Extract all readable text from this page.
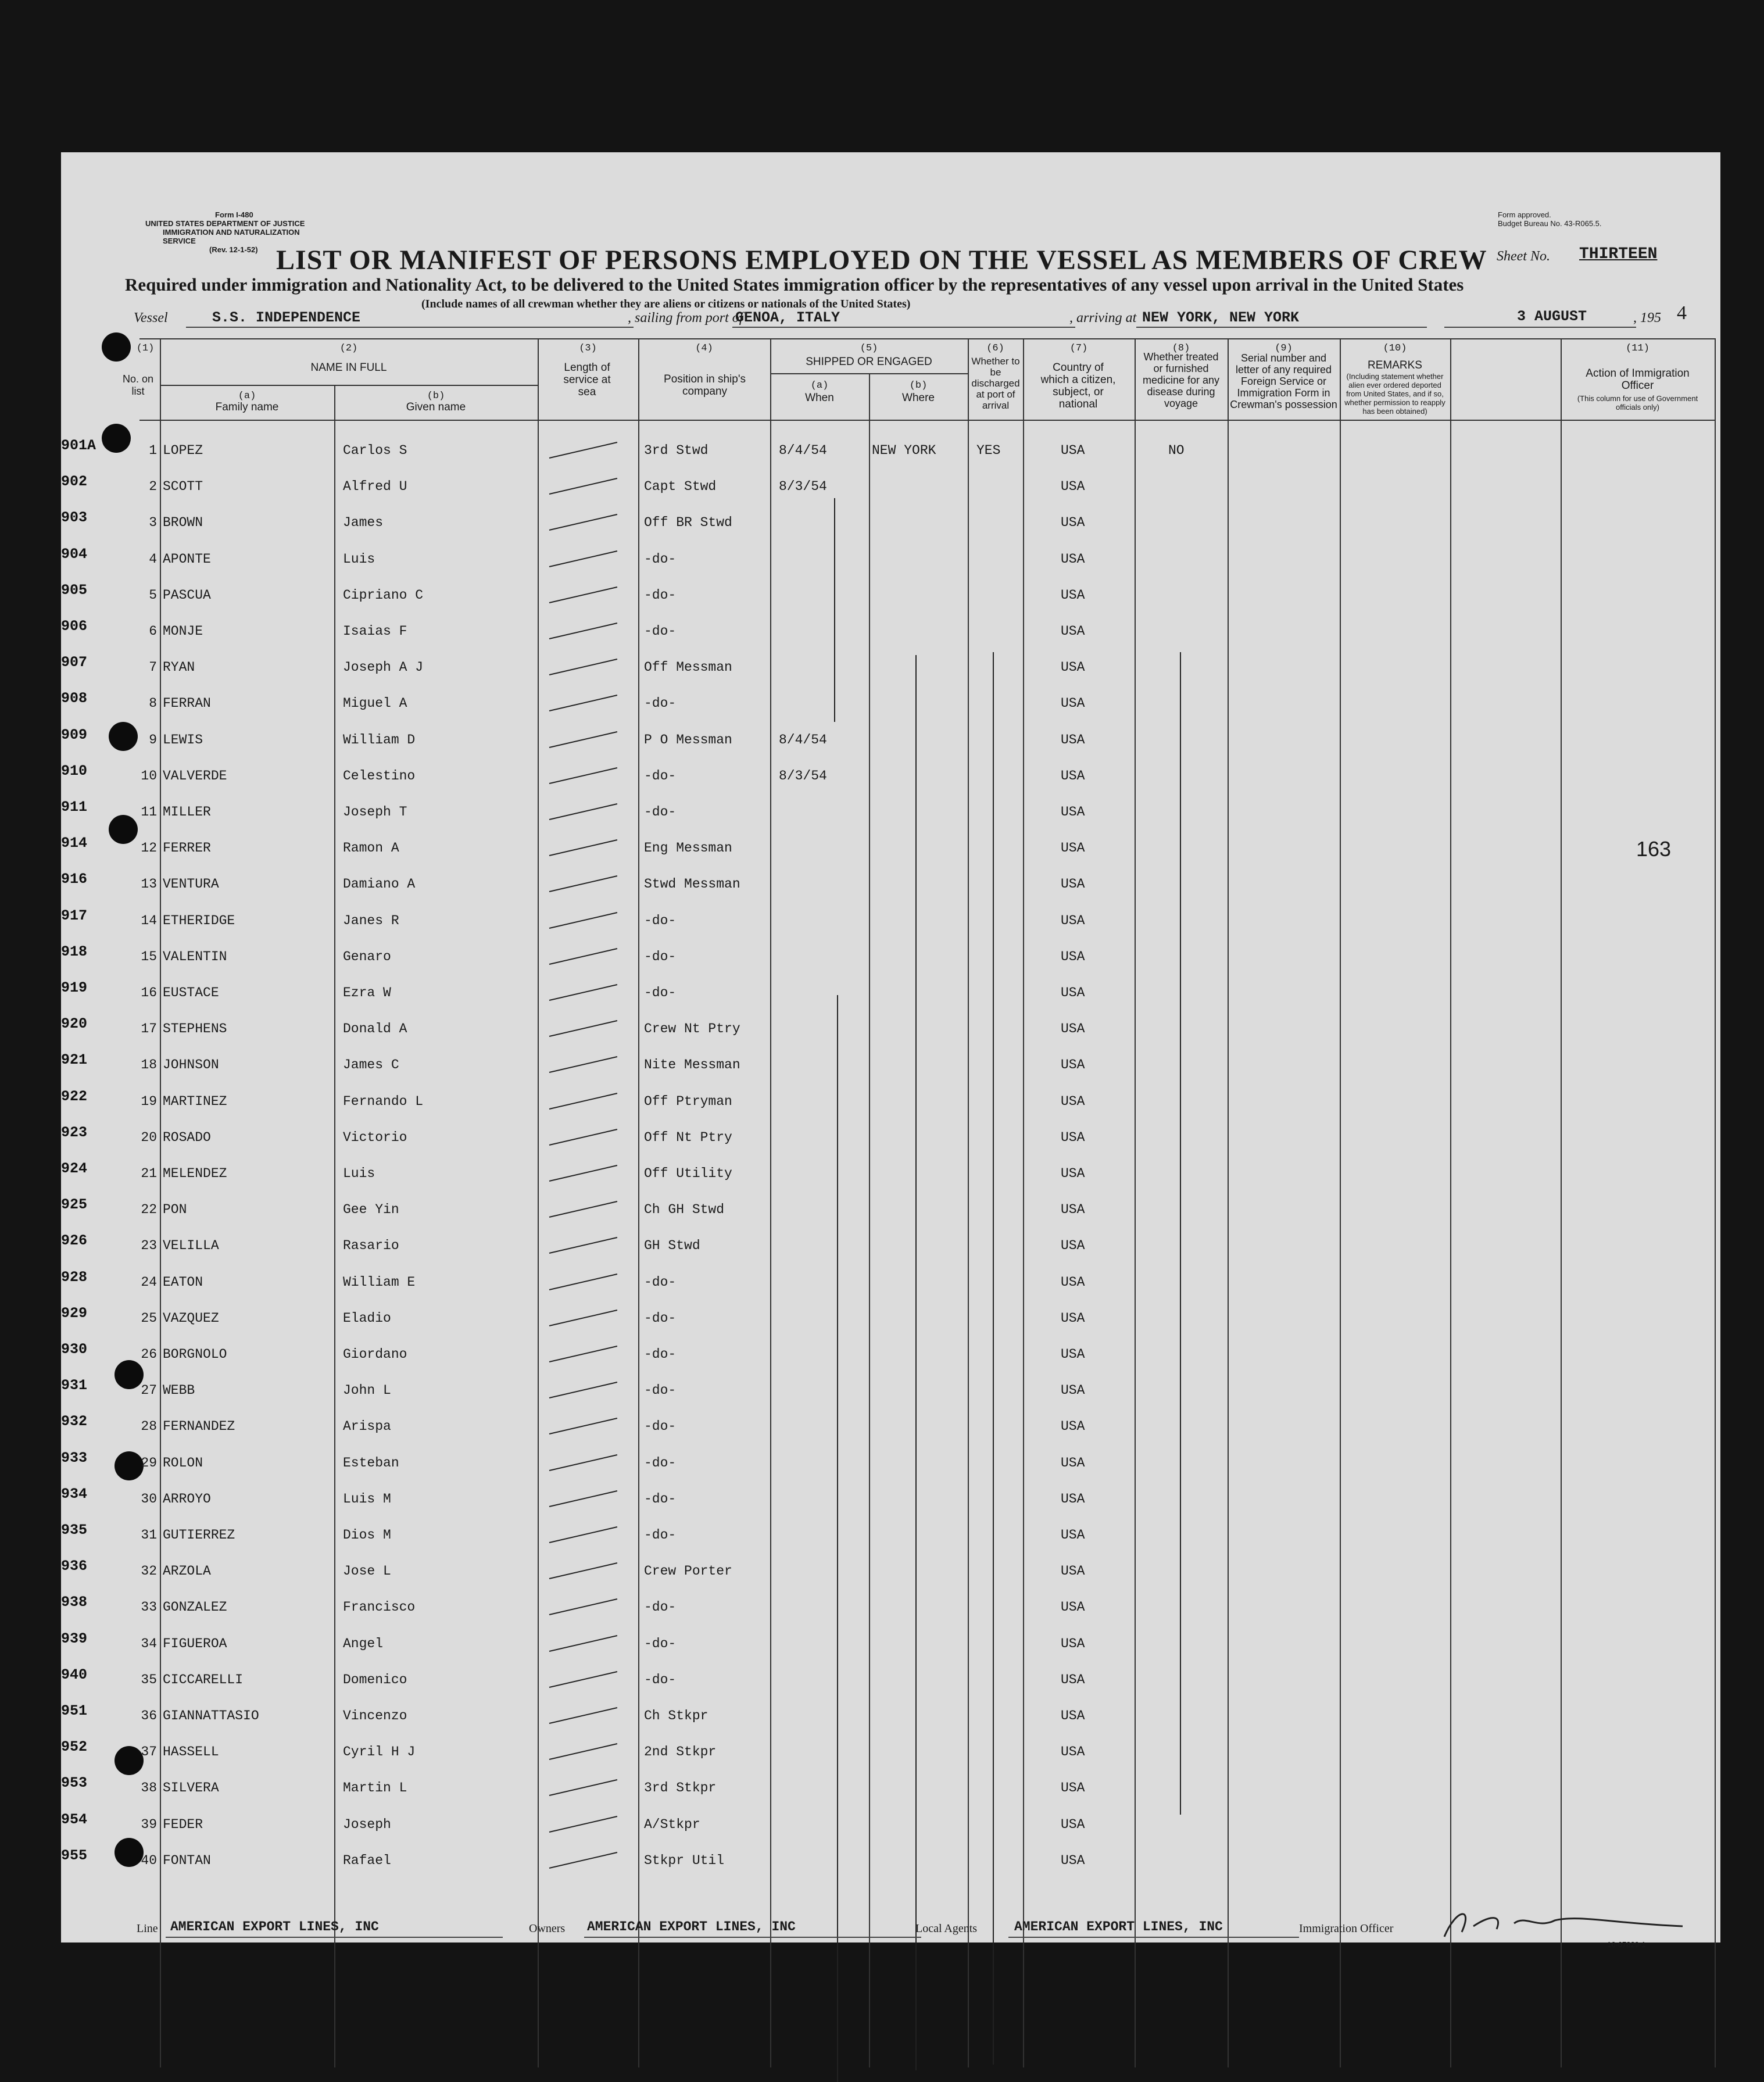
Form I-480
UNITED STATES DEPARTMENT OF JUSTICE
IMMIGRATION AND NATURALIZATION SERVICE
(Rev. 12-1-52)
Form approved.
Budget Bureau No. 43-R065.5.
LIST OR MANIFEST OF PERSONS EMPLOYED ON THE VESSEL AS MEMBERS OF CREW Sheet No. THIRTEEN
Required under immigration and Nationality Act, to be delivered to the United States immigration officer by the representatives of any vessel upon arrival in the United States
(Include names of all crewman whether they are aliens or citizens or nationals of the United States)
Vessel	S.S. INDEPENDENCE	, sailing from port of
GENOA, ITALY	, arriving at NEW YORK, NEW YORK	3 AUGUST	, 195 4
(1)
No. on list
(2)
NAME IN FULL
(a)
Family name
(b)
Given name
(3)
Length of service at sea
(4)
Position in ship's company
(5)
SHIPPED OR ENGAGED
(a)
When
(b)
Where
(6)
Whether to be discharged at port of arrival
(7)
Country of which a citizen, subject, or national
(8)
Whether treated or furnished medicine for any disease during voyage
(9)
Serial number and letter of any required Foreign Service or Immigration Form in Crewman's possession
(10)
REMARKS
(Including statement whether alien ever ordered deported from United States, and if so, whether permission to reapply has been obtained)
(11)
Action of Immigration Officer
(This column for use of Government officials only)
901A	1 LOPEZ	Carlos S	3rd Stwd	8/4/54	NEW YORK	YES	USA	NO
902	2 SCOTT	Alfred U	Capt Stwd	8/3/54	USA
903	3 BROWN	James	Off BR Stwd	USA
904	4 APONTE	Luis	-do-	USA
905	5 PASCUA	Cipriano C	-do-	USA
906	6 MONJE	Isaias F	-do-	USA
907	7 RYAN	Joseph A J	Off Messman	USA
908	8 FERRAN	Miguel A	-do-	USA
909	9 LEWIS	William D	P O Messman	8/4/54	USA
910	10 VALVERDE	Celestino	-do-	8/3/54	USA
911	11 MILLER	Joseph T	-do-	USA
914	12 FERRER	Ramon A	Eng Messman	USA
916	13 VENTURA	Damiano A	Stwd Messman	USA
917	14 ETHERIDGE	Janes R	-do-	USA
918	15 VALENTIN	Genaro	-do-	USA
919	16 EUSTACE	Ezra W	-do-	USA
920	17 STEPHENS	Donald A	Crew Nt Ptry	USA
921	18 JOHNSON	James C	Nite Messman	USA
922	19 MARTINEZ	Fernando L	Off Ptryman	USA
923	20 ROSADO	Victorio	Off Nt Ptry	USA
924	21 MELENDEZ	Luis	Off Utility	USA
925	22 PON	Gee Yin	Ch GH Stwd	USA
926	23 VELILLA	Rasario	GH Stwd	USA
928	24 EATON	William E	-do-	USA
929	25 VAZQUEZ	Eladio	-do-	USA
930	26 BORGNOLO	Giordano	-do-	USA
931	27 WEBB	John L	-do-	USA
932	28 FERNANDEZ	Arispa	-do-	USA
933	29 ROLON	Esteban	-do-	USA
934	30 ARROYO	Luis M	-do-	USA
935	31 GUTIERREZ	Dios M	-do-	USA
936	32 ARZOLA	Jose L	Crew Porter	USA
938	33 GONZALEZ	Francisco	-do-	USA
939	34 FIGUEROA	Angel	-do-	USA
940	35 CICCARELLI	Domenico	-do-	USA
951	36 GIANNATTASIO	Vincenzo	Ch Stkpr	USA
952	37 HASSELL	Cyril H J	2nd Stkpr	USA
953	38 SILVERA	Martin L	3rd Stkpr	USA
954	39 FEDER	Joseph	A/Stkpr	USA
955	40 FONTAN	Rafael	Stkpr Util	USA
163
Line AMERICAN EXPORT LINES, INC	Owners AMERICAN EXPORT LINES, INC	Local Agents	AMERICAN EXPORT LINES, INC	Immigration Officer
16-67829-1
